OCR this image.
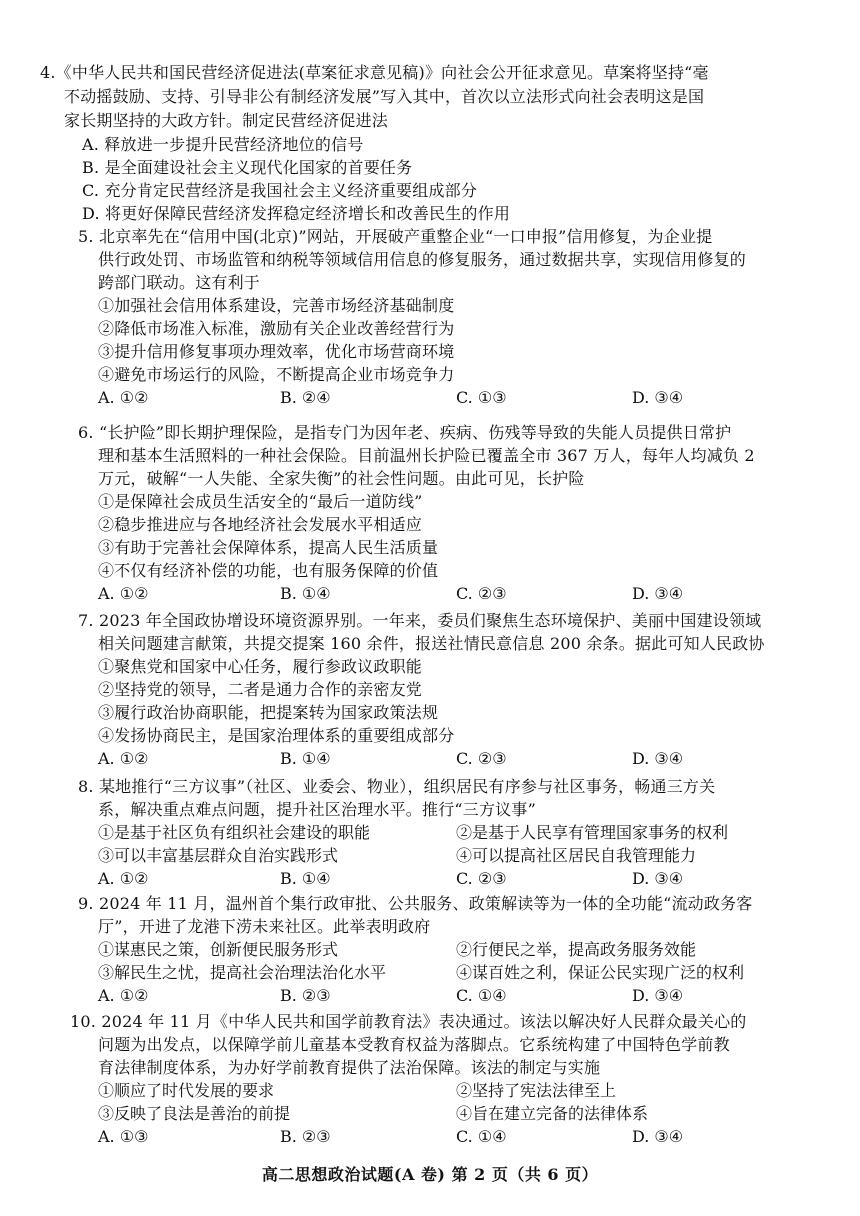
4.《中华人民共和国民营经济促进法(草案征求意见稿)》向社会公开征求意见。草案将坚持“毫
不动摇鼓励、支持、引导非公有制经济发展”写入其中，首次以立法形式向社会表明这是国
家长期坚持的大政方针。制定民营经济促进法
A. 释放进一步提升民营经济地位的信号
B. 是全面建设社会主义现代化国家的首要任务
C. 充分肯定民营经济是我国社会主义经济重要组成部分
D. 将更好保障民营经济发挥稳定经济增长和改善民生的作用
5. 北京率先在“信用中国(北京)”网站，开展破产重整企业“一口申报”信用修复，为企业提
供行政处罚、市场监管和纳税等领域信用信息的修复服务，通过数据共享，实现信用修复的
跨部门联动。这有利于
①加强社会信用体系建设，完善市场经济基础制度
②降低市场准入标准，激励有关企业改善经营行为
③提升信用修复事项办理效率，优化市场营商环境
④避免市场运行的风险，不断提高企业市场竞争力
A. ①②	B. ②④	C. ①③	D. ③④
6. “长护险”即长期护理保险，是指专门为因年老、疾病、伤残等导致的失能人员提供日常护
理和基本生活照料的一种社会保险。目前温州长护险已覆盖全市 367 万人，每年人均减负 2
万元，破解“一人失能、全家失衡”的社会性问题。由此可见，长护险
①是保障社会成员生活安全的“最后一道防线”
②稳步推进应与各地经济社会发展水平相适应
③有助于完善社会保障体系，提高人民生活质量
④不仅有经济补偿的功能，也有服务保障的价值
A. ①②	B. ①④	C. ②③	D. ③④
7. 2023 年全国政协增设环境资源界别。一年来，委员们聚焦生态环境保护、美丽中国建设领域
相关问题建言献策，共提交提案 160 余件，报送社情民意信息 200 余条。据此可知人民政协
①聚焦党和国家中心任务，履行参政议政职能
②坚持党的领导，二者是通力合作的亲密友党
③履行政治协商职能，把提案转为国家政策法规
④发扬协商民主，是国家治理体系的重要组成部分
A. ①②	B. ①④	C. ②③	D. ③④
8. 某地推行“三方议事”（社区、业委会、物业），组织居民有序参与社区事务，畅通三方关
系，解决重点难点问题，提升社区治理水平。推行“三方议事”
①是基于社区负有组织社会建设的职能	②是基于人民享有管理国家事务的权利
③可以丰富基层群众自治实践形式	④可以提高社区居民自我管理能力
A. ①②	B. ①④	C. ②③	D. ③④
9. 2024 年 11 月，温州首个集行政审批、公共服务、政策解读等为一体的全功能“流动政务客
厅”，开进了龙港下涝未来社区。此举表明政府
①谋惠民之策，创新便民服务形式	②行便民之举，提高政务服务效能
③解民生之忧，提高社会治理法治化水平	④谋百姓之利，保证公民实现广泛的权利
A. ①②	B. ②③	C. ①④	D. ③④
10. 2024 年 11 月《中华人民共和国学前教育法》表决通过。该法以解决好人民群众最关心的
问题为出发点，以保障学前儿童基本受教育权益为落脚点。它系统构建了中国特色学前教
育法律制度体系，为办好学前教育提供了法治保障。该法的制定与实施
①顺应了时代发展的要求	②坚持了宪法法律至上
③反映了良法是善治的前提	④旨在建立完备的法律体系
A. ①③	B. ②③	C. ①④	D. ③④
高二思想政治试题(A 卷) 第 2 页（共 6 页）
